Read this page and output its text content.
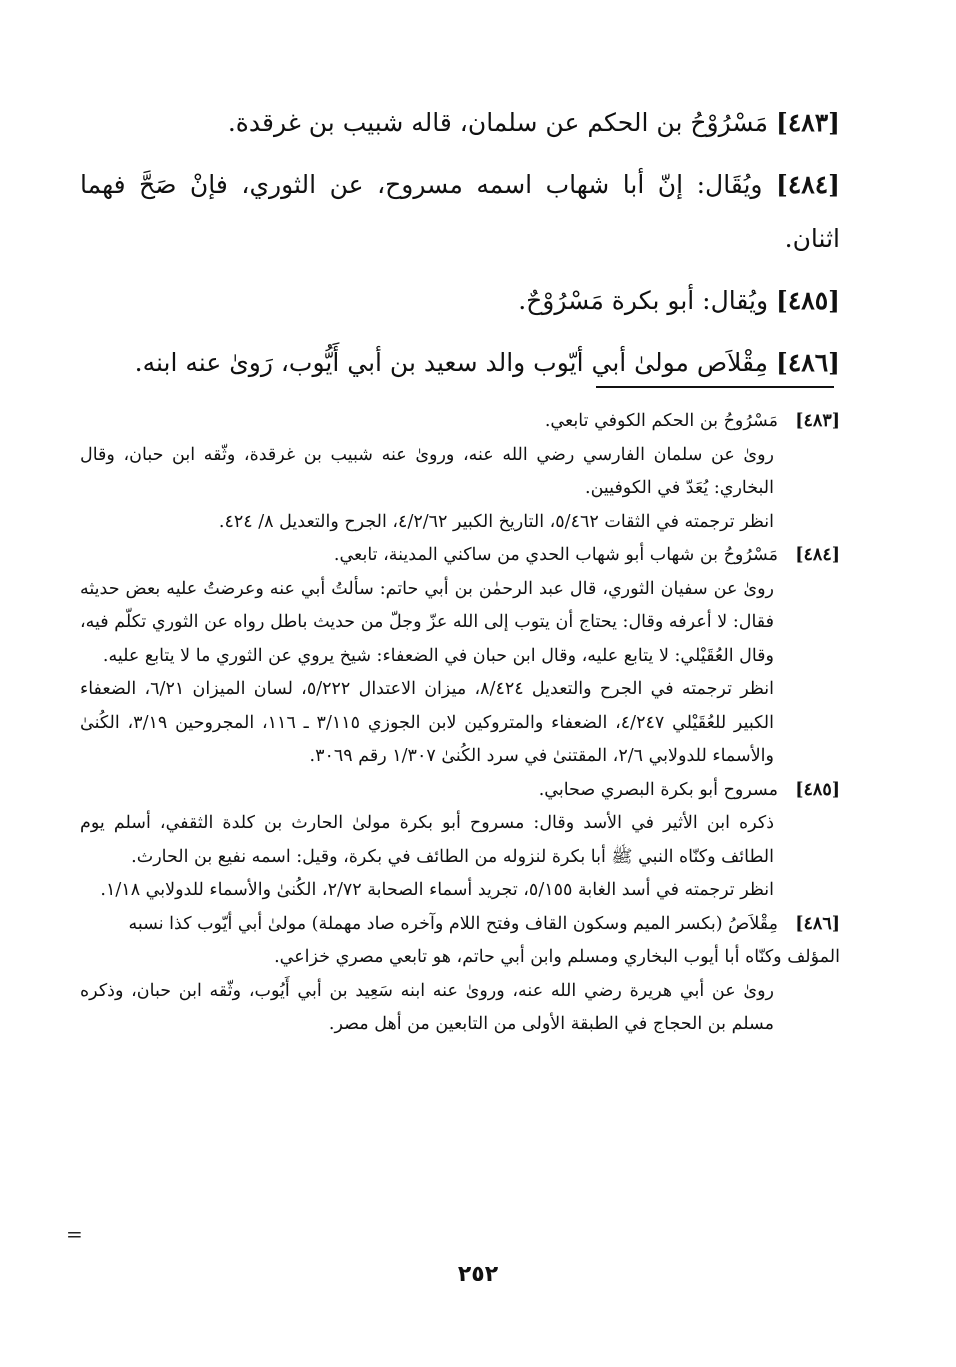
[٤٨٣] مَسْرُوْحُ بن الحكم عن سلمان، قاله شبيب بن غرقدة.

[٤٨٤] ويُقَال: إنّ أبا شهاب اسمه مسروح، عن الثوري، فإنْ صَحَّ فهما اثنان.

[٤٨٥] ويُقال: أبو بكرة مَسْرُوْحٌ.

[٤٨٦] مِقْلاَص مولىٰ أبي أيّوب والد سعيد بن أبي أَيُّوب، رَوىٰ عنه ابنه.

[٤٨٣]مَسْرُوحُ بن الحكم الكوفي تابعي.
روىٰ عن سلمان الفارسي رضي الله عنه، وروىٰ عنه شبيب بن غرقدة، وثّقه ابن حبان، وقال البخاري: يُعَدّ في الكوفيين.
انظر ترجمته في الثقات ٥/٤٦٢، التاريخ الكبير ٤/٢/٦٢، الجرح والتعديل ٨/ ٤٢٤.
[٤٨٤]مَسْرُوحُ بن شهاب أبو شهاب الحدي من ساكني المدينة، تابعي.
روىٰ عن سفيان الثوري، قال عبد الرحمٰن بن أبي حاتم: سألتُ أبي عنه وعرضتُ عليه بعض حديثه فقال: لا أعرفه وقال: يحتاج أن يتوب إلى الله عزّ وجلّ من حديث باطل رواه عن الثوري تكلّم فيه، وقال العُقَيْلي: لا يتابع عليه، وقال ابن حبان في الضعفاء: شيخ يروي عن الثوري ما لا يتابع عليه.
انظر ترجمته في الجرح والتعديل ٨/٤٢٤، ميزان الاعتدال ٥/٢٢٢، لسان الميزان ٦/٢١، الضعفاء الكبير للعُقَيْلي ٤/٢٤٧، الضعفاء والمتروكين لابن الجوزي ٣/١١٥ ـ ١١٦، المجروحين ٣/١٩، الكُنىٰ والأسماء للدولابي ٢/٦، المقتنىٰ في سرد الكُنىٰ ١/٣٠٧ رقم ٣٠٦٩.
[٤٨٥]مسروح أبو بكرة البصري صحابي.
ذكره ابن الأثير في الأسد وقال: مسروح أبو بكرة مولىٰ الحارث بن كلدة الثقفي، أسلم يوم الطائف وكنّاه النبي ﷺ أبا بكرة لنزوله من الطائف في بكرة، وقيل: اسمه نفيع بن الحارث.
انظر ترجمته في أسد الغابة ٥/١٥٥، تجريد أسماء الصحابة ٢/٧٢، الكُنىٰ والأسماء للدولابي ١/١٨.
[٤٨٦]مِقْلاَصُ (بكسر الميم وسكون القاف وفتح اللام وآخره صاد مهملة) مولىٰ أبي أيّوب كذا نسبه المؤلف وكنّاه أبا أيوب البخاري ومسلم وابن أبي حاتم، هو تابعي مصري خزاعي.
روىٰ عن أبي هريرة رضي الله عنه، وروىٰ عنه ابنه سَعِيد بن أبي أَيُوب، وثّقه ابن حبان، وذكره مسلم بن الحجاج في الطبقة الأولى من التابعين من أهل مصر.
=
٢٥٢
